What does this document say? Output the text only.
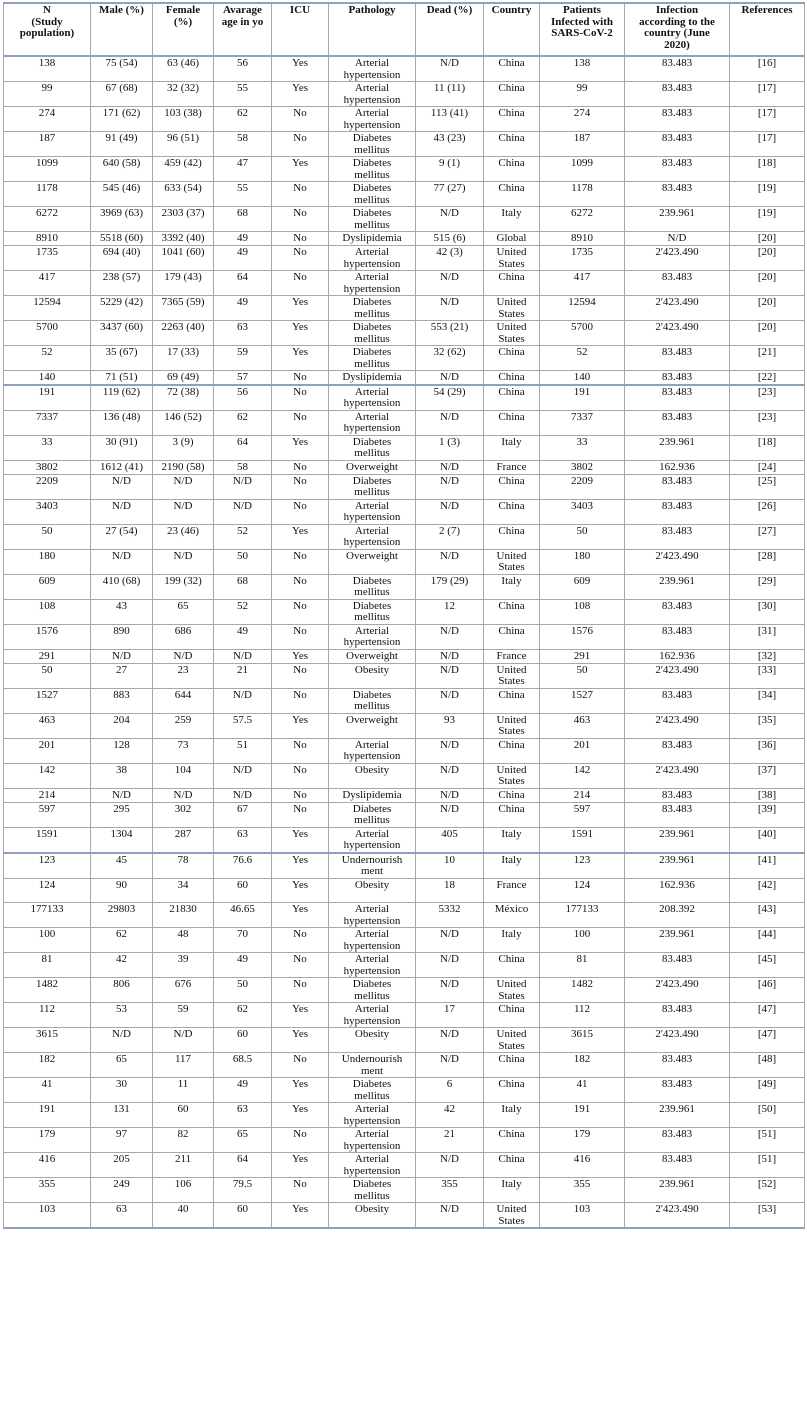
N
(Study
population)	Male (%)	Female
(%)	Avarage
age in yo	ICU	Pathology	Dead (%)	Country	Patients
Infected with
SARS-CoV-2	Infection
according to the
country (June
2020)	References
138	75 (54)	63 (46)	56	Yes	Arterial
hypertension	N/D	China	138	83.483	[16]
99	67 (68)	32 (32)	55	Yes	Arterial
hypertension	11 (11)	China	99	83.483	[17]
274	171 (62)	103 (38)	62	No	Arterial
hypertension	113 (41)	China	274	83.483	[17]
187	91 (49)	96 (51)	58	No	Diabetes
mellitus	43 (23)	China	187	83.483	[17]
1099	640 (58)	459 (42)	47	Yes	Diabetes
mellitus	9 (1)	China	1099	83.483	[18]
1178	545 (46)	633 (54)	55	No	Diabetes
mellitus	77 (27)	China	1178	83.483	[19]
6272	3969 (63)	2303 (37)	68	No	Diabetes
mellitus	N/D	Italy	6272	239.961	[19]
8910	5518 (60)	3392 (40)	49	No	Dyslipidemia	515 (6)	Global	8910	N/D	[20]
1735	694 (40)	1041 (60)	49	No	Arterial
hypertension	42 (3)	United
States	1735	2'423.490	[20]
417	238 (57)	179 (43)	64	No	Arterial
hypertension	N/D	China	417	83.483	[20]
12594	5229 (42)	7365 (59)	49	Yes	Diabetes
mellitus	N/D	United
States	12594	2'423.490	[20]
5700	3437 (60)	2263 (40)	63	Yes	Diabetes
mellitus	553 (21)	United
States	5700	2'423.490	[20]
52	35 (67)	17 (33)	59	Yes	Diabetes
mellitus	32 (62)	China	52	83.483	[21]
140	71 (51)	69 (49)	57	No	Dyslipidemia	N/D	China	140	83.483	[22]
191	119 (62)	72 (38)	56	No	Arterial
hypertension	54 (29)	China	191	83.483	[23]
7337	136 (48)	146 (52)	62	No	Arterial
hypertension	N/D	China	7337	83.483	[23]
33	30 (91)	3 (9)	64	Yes	Diabetes
mellitus	1 (3)	Italy	33	239.961	[18]
3802	1612 (41)	2190 (58)	58	No	Overweight	N/D	France	3802	162.936	[24]
2209	N/D	N/D	N/D	No	Diabetes
mellitus	N/D	China	2209	83.483	[25]
3403	N/D	N/D	N/D	No	Arterial
hypertension	N/D	China	3403	83.483	[26]
50	27 (54)	23 (46)	52	Yes	Arterial
hypertension	2 (7)	China	50	83.483	[27]
180	N/D	N/D	50	No	Overweight	N/D	United
States	180	2'423.490	[28]
609	410 (68)	199 (32)	68	No	Diabetes
mellitus	179 (29)	Italy	609	239.961	[29]
108	43	65	52	No	Diabetes
mellitus	12	China	108	83.483	[30]
1576	890	686	49	No	Arterial
hypertension	N/D	China	1576	83.483	[31]
291	N/D	N/D	N/D	Yes	Overweight	N/D	France	291	162.936	[32]
50	27	23	21	No	Obesity	N/D	United
States	50	2'423.490	[33]
1527	883	644	N/D	No	Diabetes
mellitus	N/D	China	1527	83.483	[34]
463	204	259	57.5	Yes	Overweight	93	United
States	463	2'423.490	[35]
201	128	73	51	No	Arterial
hypertension	N/D	China	201	83.483	[36]
142	38	104	N/D	No	Obesity	N/D	United
States	142	2'423.490	[37]
214	N/D	N/D	N/D	No	Dyslipidemia	N/D	China	214	83.483	[38]
597	295	302	67	No	Diabetes
mellitus	N/D	China	597	83.483	[39]
1591	1304	287	63	Yes	Arterial
hypertension	405	Italy	1591	239.961	[40]
123	45	78	76.6	Yes	Undernourish
ment	10	Italy	123	239.961	[41]
124	90	34	60	Yes	Obesity	18	France	124	162.936	[42]
177133	29803	21830	46.65	Yes	Arterial
hypertension	5332	México	177133	208.392	[43]
100	62	48	70	No	Arterial
hypertension	N/D	Italy	100	239.961	[44]
81	42	39	49	No	Arterial
hypertension	N/D	China	81	83.483	[45]
1482	806	676	50	No	Diabetes
mellitus	N/D	United
States	1482	2'423.490	[46]
112	53	59	62	Yes	Arterial
hypertension	17	China	112	83.483	[47]
3615	N/D	N/D	60	Yes	Obesity	N/D	United
States	3615	2'423.490	[47]
182	65	117	68.5	No	Undernourish
ment	N/D	China	182	83.483	[48]
41	30	11	49	Yes	Diabetes
mellitus	6	China	41	83.483	[49]
191	131	60	63	Yes	Arterial
hypertension	42	Italy	191	239.961	[50]
179	97	82	65	No	Arterial
hypertension	21	China	179	83.483	[51]
416	205	211	64	Yes	Arterial
hypertension	N/D	China	416	83.483	[51]
355	249	106	79.5	No	Diabetes
mellitus	355	Italy	355	239.961	[52]
103	63	40	60	Yes	Obesity	N/D	United
States	103	2'423.490	[53]
